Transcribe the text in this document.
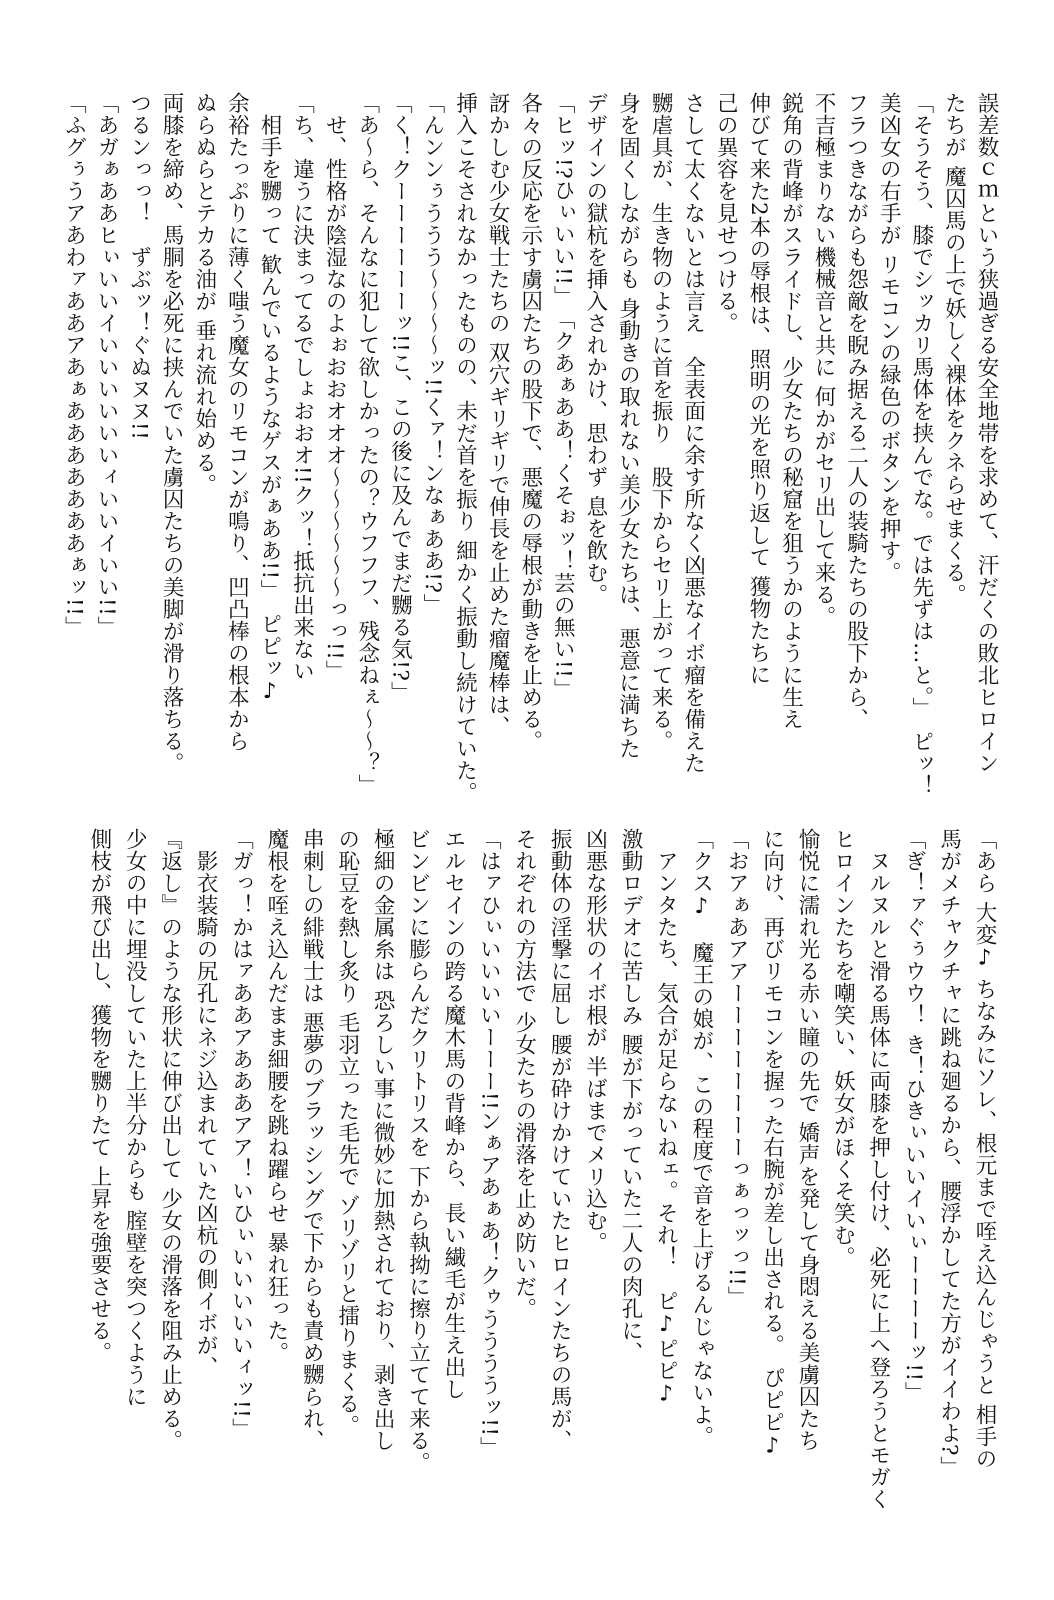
誤差数ｃｍという狭過ぎる安全地帯を求めて、汗だくの敗北ヒロイン
たちが 魔囚馬の上で妖しく裸体をクネらせまくる。
「そうそう、膝でシッカリ馬体を挟んでな。では先ずは…と。」　ピッ！
美凶女の右手が リモコンの緑色のボタンを押す。
フラつきながらも怨敵を睨み据える二人の装騎たちの股下から、
不吉極まりない機械音と共に 何かがセリ出して来る。
鋭角の背峰がスライドし、少女たちの秘窟を狙うかのように生え
伸びて来た2本の辱根は、照明の光を照り返して 獲物たちに
己の異容を見せつける。
さして太くないとは言え　全表面に余す所なく凶悪なイボ瘤を備えた
嬲虐具が、生き物のように首を振り　股下からセリ上がって来る。
身を固くしながらも 身動きの取れない美少女たちは、悪意に満ちた
デザインの獄杭を挿入されかけ、思わず 息を飲む。
「ヒッ!?ひぃいい!!」　「クあぁああ！くそぉッ！芸の無い!!」
各々の反応を示す虜囚たちの股下で、悪魔の辱根が動きを止める。
訝かしむ少女戦士たちの 双穴ギリギリで伸長を止めた瘤魔棒は、
挿入こそされなかったものの、未だ首を振り 細かく振動し続けていた。
「んンンぅううう〜〜〜〜ッ!!くァ！ンなぁああ!?」
「く！クーーーーーーッ!!こ、この後に及んでまだ嬲る気!?」
「あ〜ら、そんなに犯して欲しかったの？ウフフフ、残念ねぇ〜〜？」
　せ、性格が陰湿なのよぉおおオオオ〜〜〜〜〜〜っっ!!」
「ち、違うに決まってるでしょおおオ!!クッ！抵抗出来ない
　相手を嬲って 歓んでいるようなゲスがぁああ!!」　ピピッ♪
余裕たっぷりに薄く嗤う魔女のリモコンが鳴り、凹凸棒の根本から
ぬらぬらとテカる油が 垂れ流れ始める。
両膝を締め、馬胴を必死に挟んでいた虜囚たちの美脚が滑り落ちる。
つるンっっ！　ずぶッ！ぐぬヌヌ!!
「あガぁああヒぃいいイいいいいいいィいいイいい!!」
「ふグぅうアあわァああアあぁあああああああぁッ!!」
「あら 大変♪ ちなみにソレ、根元まで咥え込んじゃうと 相手の
馬がメチャクチャに跳ね廻るから、腰浮かしてた方がイイわよ?」
「ぎ！ァぐぅウウ！ き！ひきぃいいイいぃーーーーッ!!」
　ヌルヌルと滑る馬体に両膝を押し付け、必死に上へ登ろうとモガく
ヒロインたちを嘲笑い、妖女がほくそ笑む。
愉悦に濡れ光る赤い瞳の先で 嬌声を発して身悶える美虜囚たち
に向け、再びリモコンを握った右腕が差し出される。　ぴピピ♪
「おアぁあアアーーーーーーーーっぁっッっ!!」
「クス♪　魔王の娘が、この程度で音を上げるんじゃないよ。
　アンタたち、気合が足らないねェ。それ！　ピ♪ピピ♪
激動ロデオに苦しみ 腰が下がっていた二人の肉孔に、
凶悪な形状のイボ根が 半ばまでメリ込む。
振動体の淫撃に屈し 腰が砕けかけていたヒロインたちの馬が、
それぞれの方法で 少女たちの滑落を止め防いだ。
「はァひぃいいいいーーー!!ンぁアあぁあ！クゥううううッ!!」
エルセインの跨る魔木馬の背峰から、長い繊毛が生え出し
ビンビンに膨らんだクリトリスを 下から執拗に擦り立てて来る。
極細の金属糸は 恐ろしい事に微妙に加熱されており、剥き出し
の恥豆を熱し炙り 毛羽立った毛先で ゾリゾリと擂りまくる。
串刺しの緋戦士は 悪夢のブラッシングで下からも責め嬲られ、
魔根を咥え込んだまま細腰を跳ね躍らせ 暴れ狂った。
「ガっ！かはァああアあああアア！いひぃいいいいいィッ!!」
　影衣装騎の尻孔にネジ込まれていた凶杭の側イボが、
『返し』のような形状に伸び出して 少女の滑落を阻み止める。
少女の中に埋没していた上半分からも 腟壁を突つくように
側枝が飛び出し、獲物を嬲りたて 上昇を強要させる。
